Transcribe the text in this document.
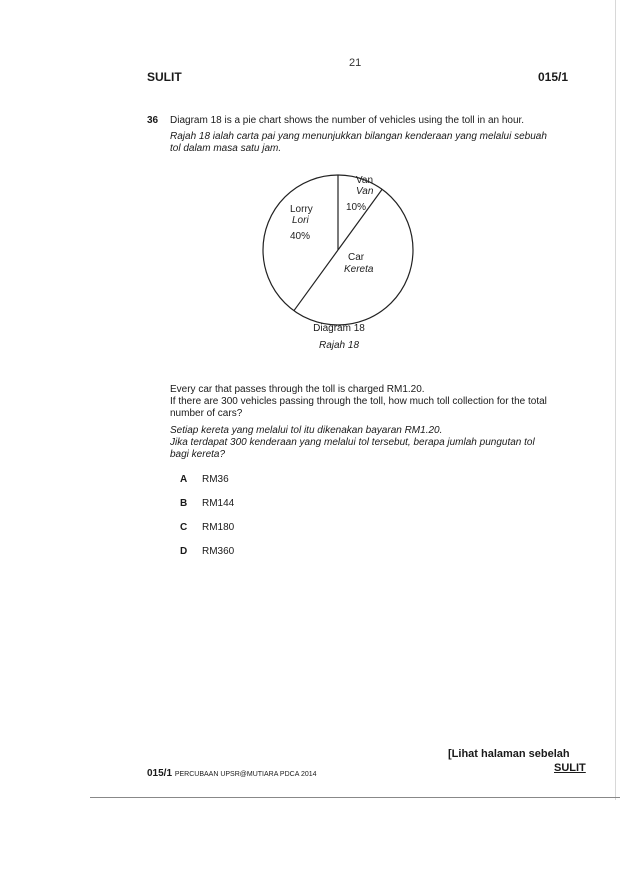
21
SULIT	015/1
36 Diagram 18 is a pie chart shows the number of vehicles using the toll in an hour.
Rajah 18 ialah carta pai yang menunjukkan bilangan kenderaan yang melalui sebuah
tol dalam masa satu jam.
Van
Van
10%
Lorry
Lori
40%
Car
Kereta
Diagram 18
Rajah 18
Every car that passes through the toll is charged RM1.20.
If there are 300 vehicles passing through the toll, how much toll collection for the total
number of cars?
Setiap kereta yang melalui tol itu dikenakan bayaran RM1.20.
Jika terdapat 300 kenderaan yang melalui tol tersebut, berapa jumlah pungutan tol
bagi kereta?
A RM36
B RM144
C RM180
D RM360
[Lihat halaman sebelah
SULIT
015/1 PERCUBAAN UPSR@MUTIARA PDCA 2014
